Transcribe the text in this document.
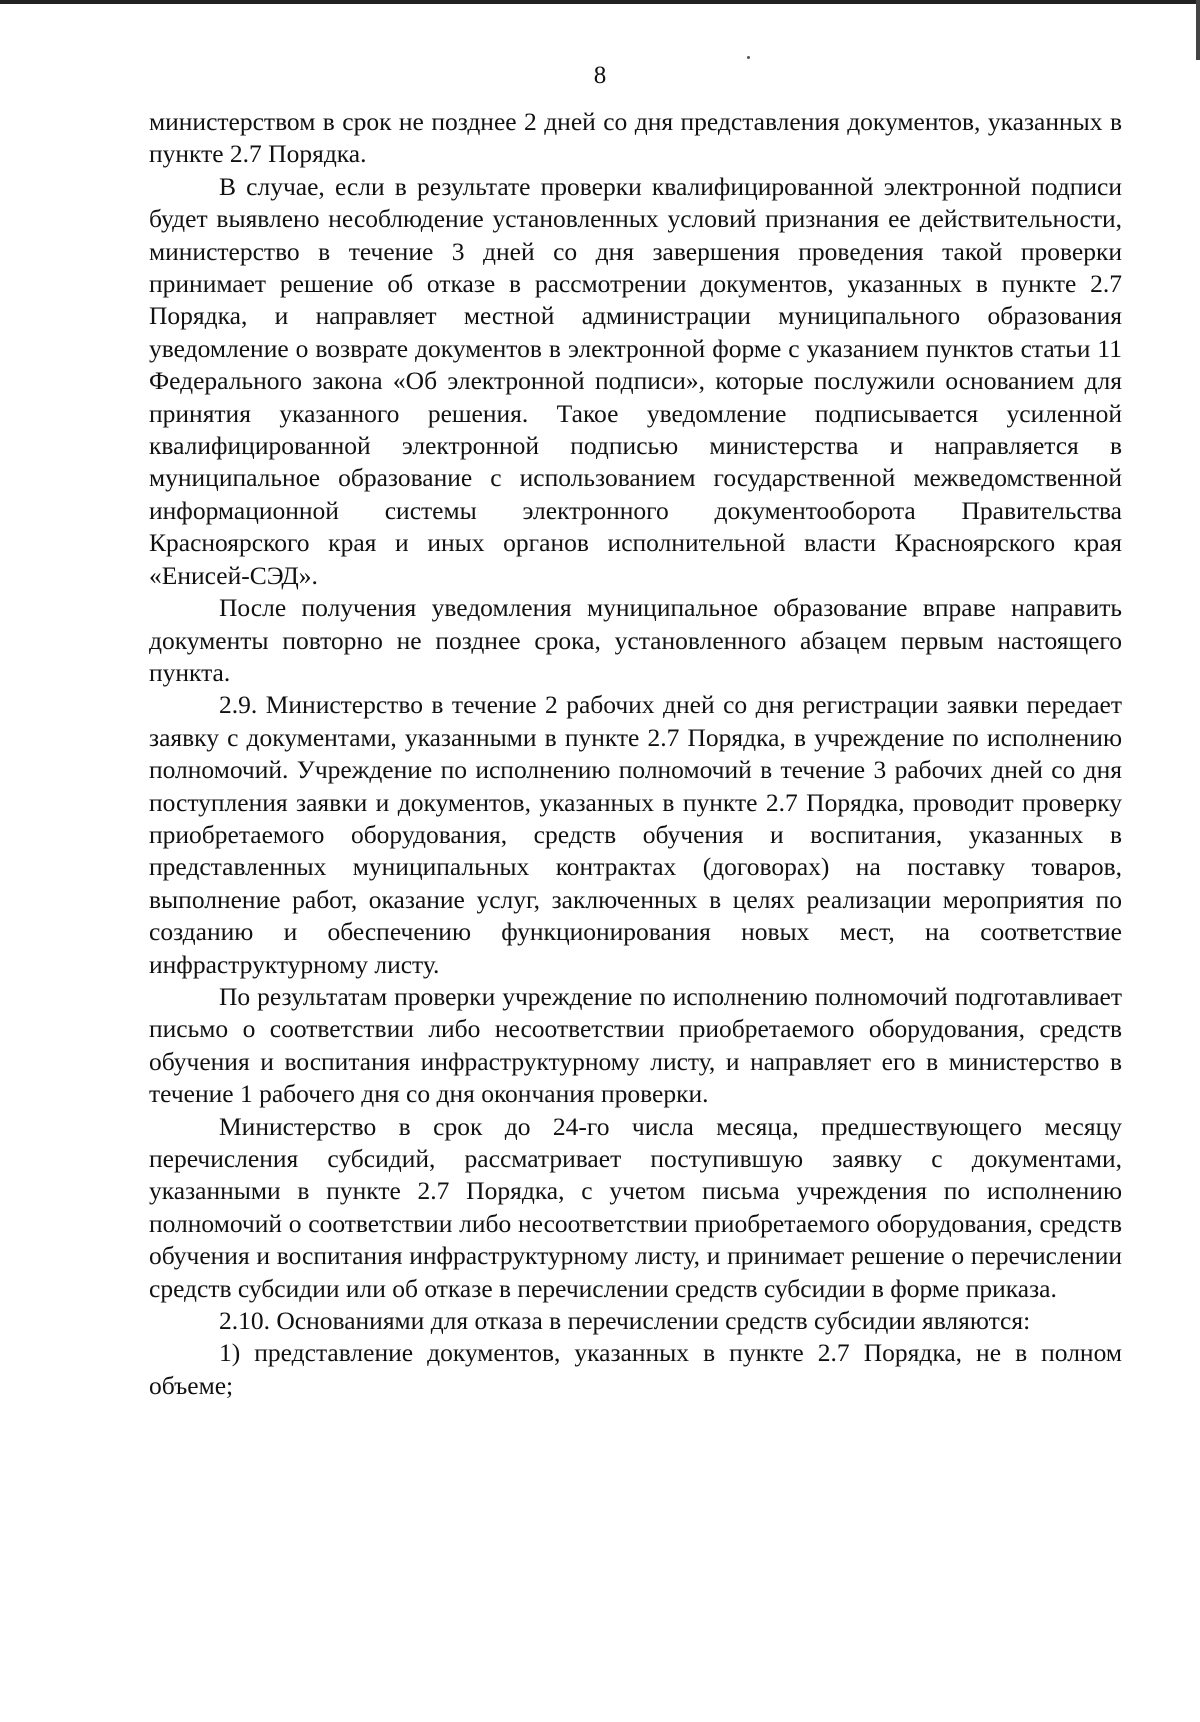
8

министерством в срок не позднее 2 дней со дня представления документов, указанных в пункте 2.7 Порядка.

В случае, если в результате проверки квалифицированной электронной подписи будет выявлено несоблюдение установленных условий признания ее действительности, министерство в течение 3 дней со дня завершения проведения такой проверки принимает решение об отказе в рассмотрении документов, указанных в пункте 2.7 Порядка, и направляет местной администрации муниципального образования уведомление о возврате документов в электронной форме с указанием пунктов статьи 11 Федерального закона «Об электронной подписи», которые послужили основанием для принятия указанного решения. Такое уведомление подписывается усиленной квалифицированной электронной подписью министерства и направляется в муниципальное образование с использованием государственной межведомственной информационной системы электронного документооборота Правительства Красноярского края и иных органов исполнительной власти Красноярского края «Енисей-СЭД».

После получения уведомления муниципальное образование вправе направить документы повторно не позднее срока, установленного абзацем первым настоящего пункта.

2.9. Министерство в течение 2 рабочих дней со дня регистрации заявки передает заявку с документами, указанными в пункте 2.7 Порядка, в учреждение по исполнению полномочий. Учреждение по исполнению полномочий в течение 3 рабочих дней со дня поступления заявки и документов, указанных в пункте 2.7 Порядка, проводит проверку приобретаемого оборудования, средств обучения и воспитания, указанных в представленных муниципальных контрактах (договорах) на поставку товаров, выполнение работ, оказание услуг, заключенных в целях реализации мероприятия по созданию и обеспечению функционирования новых мест, на соответствие инфраструктурному листу.

По результатам проверки учреждение по исполнению полномочий подготавливает письмо о соответствии либо несоответствии приобретаемого оборудования, средств обучения и воспитания инфраструктурному листу, и направляет его в министерство в течение 1 рабочего дня со дня окончания проверки.

Министерство в срок до 24-го числа месяца, предшествующего месяцу перечисления субсидий, рассматривает поступившую заявку с документами, указанными в пункте 2.7 Порядка, с учетом письма учреждения по исполнению полномочий о соответствии либо несоответствии приобретаемого оборудования, средств обучения и воспитания инфраструктурному листу, и принимает решение о перечислении средств субсидии или об отказе в перечислении средств субсидии в форме приказа.

2.10. Основаниями для отказа в перечислении средств субсидии являются:

1) представление документов, указанных в пункте 2.7 Порядка, не в полном объеме;
